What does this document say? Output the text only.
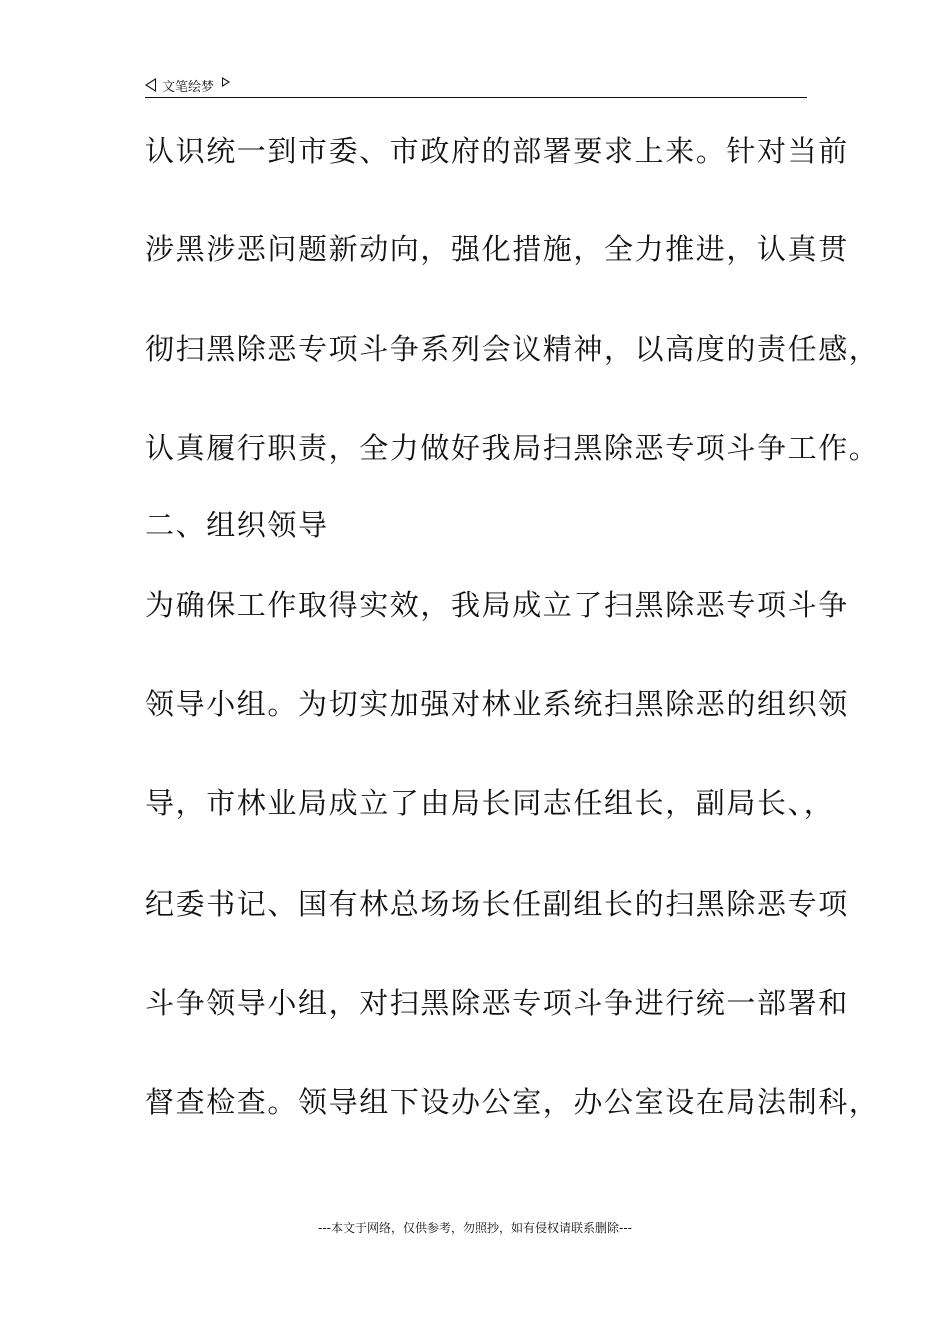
文笔绘梦
认识统一到市委、市政府的部署要求上来。针对当前
涉黑涉恶问题新动向，强化措施，全力推进，认真贯
彻扫黑除恶专项斗争系列会议精神，以高度的责任感，
认真履行职责，全力做好我局扫黑除恶专项斗争工作。
二、组织领导
为确保工作取得实效，我局成立了扫黑除恶专项斗争
领导小组。为切实加强对林业系统扫黑除恶的组织领
导，市林业局成立了由局长同志任组长，副局长、，
纪委书记、国有林总场场长任副组长的扫黑除恶专项
斗争领导小组，对扫黑除恶专项斗争进行统一部署和
督查检查。领导组下设办公室，办公室设在局法制科，
---本文于网络，仅供参考，勿照抄，如有侵权请联系删除---
